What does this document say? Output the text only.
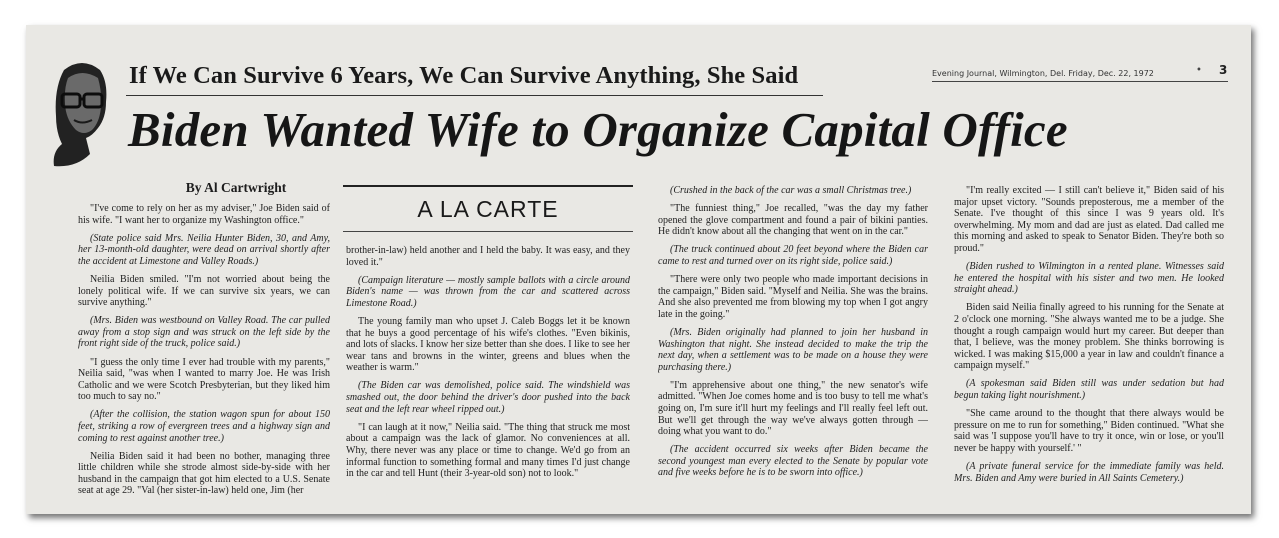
If We Can Survive 6 Years, We Can Survive Anything, She Said	Evening Journal, Wilmington, Del. Friday, Dec. 22, 1972	• 3
Biden Wanted Wife to Organize Capital Office
By Al Cartwright
A LA CARTE

"I've come to rely on her as my adviser," Joe Biden said of his wife. "I want her to organize my Washington office."

(State police said Mrs. Neilia Hunter Biden, 30, and Amy, her 13-month-old daughter, were dead on arrival shortly after the accident at Limestone and Valley Roads.)

Neilia Biden smiled. "I'm not worried about being the lonely political wife. If we can survive six years, we can survive anything."

(Mrs. Biden was westbound on Valley Road. The car pulled away from a stop sign and was struck on the left side by the front right side of the truck, police said.)

"I guess the only time I ever had trouble with my parents," Neilia said, "was when I wanted to marry Joe. He was Irish Catholic and we were Scotch Presbyterian, but they liked him too much to say no."

(After the collision, the station wagon spun for about 150 feet, striking a row of evergreen trees and a highway sign and coming to rest against another tree.)

Neilia Biden said it had been no bother, managing three little children while she strode almost side-by-side with her husband in the campaign that got him elected to a U.S. Senate seat at age 29. "Val (her sister-in-law) held one, Jim (her

brother-in-law) held another and I held the baby. It was easy, and they loved it."

(Campaign literature — mostly sample ballots with a circle around Biden's name — was thrown from the car and scattered across Limestone Road.)

The young family man who upset J. Caleb Boggs let it be known that he buys a good percentage of his wife's clothes. "Even bikinis, and lots of slacks. I know her size better than she does. I like to see her wear tans and browns in the winter, greens and blues when the weather is warm."

(The Biden car was demolished, police said. The windshield was smashed out, the door behind the driver's door pushed into the back seat and the left rear wheel ripped out.)

"I can laugh at it now," Neilia said. "The thing that struck me most about a campaign was the lack of glamor. No conveniences at all. Why, there never was any place or time to change. We'd go from an informal function to something formal and many times I'd just change in the car and tell Hunt (their 3-year-old son) not to look."

(Crushed in the back of the car was a small Christmas tree.)

"The funniest thing," Joe recalled, "was the day my father opened the glove compartment and found a pair of bikini panties. He didn't know about all the changing that went on in the car."

(The truck continued about 20 feet beyond where the Biden car came to rest and turned over on its right side, police said.)

"There were only two people who made important decisions in the campaign," Biden said. "Myself and Neilia. She was the brains. And she also prevented me from blowing my top when I got angry late in the going."

(Mrs. Biden originally had planned to join her husband in Washington that night. She instead decided to make the trip the next day, when a settlement was to be made on a house they were purchasing there.)

"I'm apprehensive about one thing," the new senator's wife admitted. "When Joe comes home and is too busy to tell me what's going on, I'm sure it'll hurt my feelings and I'll really feel left out. But we'll get through the way we've always gotten through — doing what you want to do."

(The accident occurred six weeks after Biden became the second youngest man every elected to the Senate by popular vote and five weeks before he is to be sworn into office.)

"I'm really excited — I still can't believe it," Biden said of his major upset victory. "Sounds preposterous, me a member of the Senate. I've thought of this since I was 9 years old. It's overwhelming. My mom and dad are just as elated. Dad called me this morning and asked to speak to Senator Biden. They're both so proud."

(Biden rushed to Wilmington in a rented plane. Witnesses said he entered the hospital with his sister and two men. He looked straight ahead.)

Biden said Neilia finally agreed to his running for the Senate at 2 o'clock one morning. "She always wanted me to be a judge. She thought a rough campaign would hurt my career. But deeper than that, I believe, was the money problem. She thinks borrowing is wicked. I was making $15,000 a year in law and couldn't finance a campaign myself."

(A spokesman said Biden still was under sedation but had begun taking light nourishment.)

"She came around to the thought that there always would be pressure on me to run for something," Biden continued. "What she said was 'I suppose you'll have to try it once, win or lose, or you'll never be happy with yourself.' "

(A private funeral service for the immediate family was held. Mrs. Biden and Amy were buried in All Saints Cemetery.)
